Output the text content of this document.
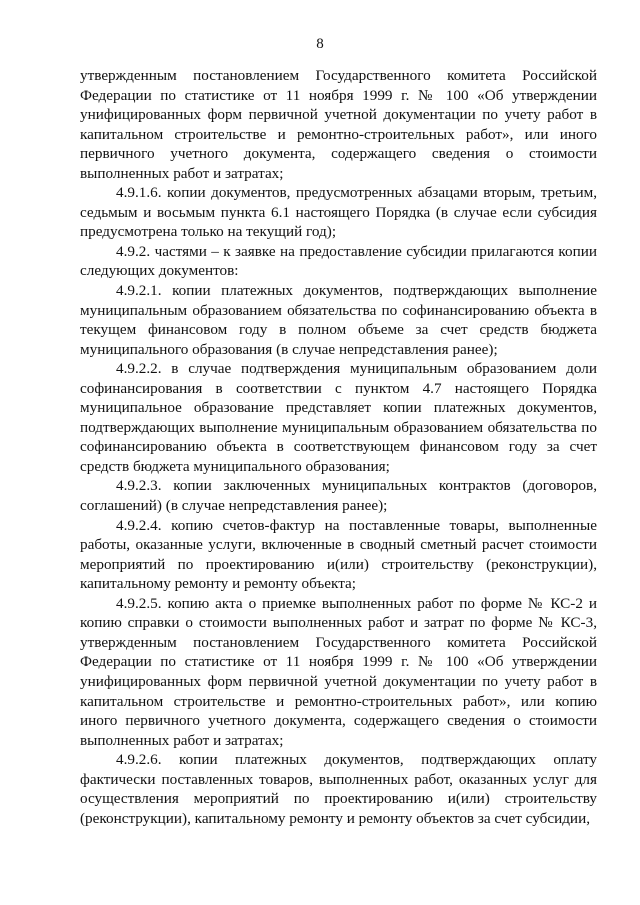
8

утвержденным постановлением Государственного комитета Российской Федерации по статистике от 11 ноября 1999 г. № 100 «Об утверждении унифицированных форм первичной учетной документации по учету работ в капитальном строительстве и ремонтно-строительных работ», или иного первичного учетного документа, содержащего сведения о стоимости выполненных работ и затратах;

4.9.1.6. копии документов, предусмотренных абзацами вторым, третьим, седьмым и восьмым пункта 6.1 настоящего Порядка (в случае если субсидия предусмотрена только на текущий год);

4.9.2. частями – к заявке на предоставление субсидии прилагаются копии следующих документов:

4.9.2.1. копии платежных документов, подтверждающих выполнение муниципальным образованием обязательства по софинансированию объекта в текущем финансовом году в полном объеме за счет средств бюджета муниципального образования (в случае непредставления ранее);

4.9.2.2. в случае подтверждения муниципальным образованием доли софинансирования в соответствии с пунктом 4.7 настоящего Порядка муниципальное образование представляет копии платежных документов, подтверждающих выполнение муниципальным образованием обязательства по софинансированию объекта в соответствующем финансовом году за счет средств бюджета муниципального образования;

4.9.2.3. копии заключенных муниципальных контрактов (договоров, соглашений) (в случае непредставления ранее);

4.9.2.4. копию счетов-фактур на поставленные товары, выполненные работы, оказанные услуги, включенные в сводный сметный расчет стоимости мероприятий по проектированию и(или) строительству (реконструкции), капитальному ремонту и ремонту объекта;

4.9.2.5. копию акта о приемке выполненных работ по форме № КС-2 и копию справки о стоимости выполненных работ и затрат по форме № КС-3, утвержденным постановлением Государственного комитета Российской Федерации по статистике от 11 ноября 1999 г. № 100 «Об утверждении унифицированных форм первичной учетной документации по учету работ в капитальном строительстве и ремонтно-строительных работ», или копию иного первичного учетного документа, содержащего сведения о стоимости выполненных работ и затратах;

4.9.2.6. копии платежных документов, подтверждающих оплату фактически поставленных товаров, выполненных работ, оказанных услуг для осуществления мероприятий по проектированию и(или) строительству (реконструкции), капитальному ремонту и ремонту объектов за счет субсидии,
